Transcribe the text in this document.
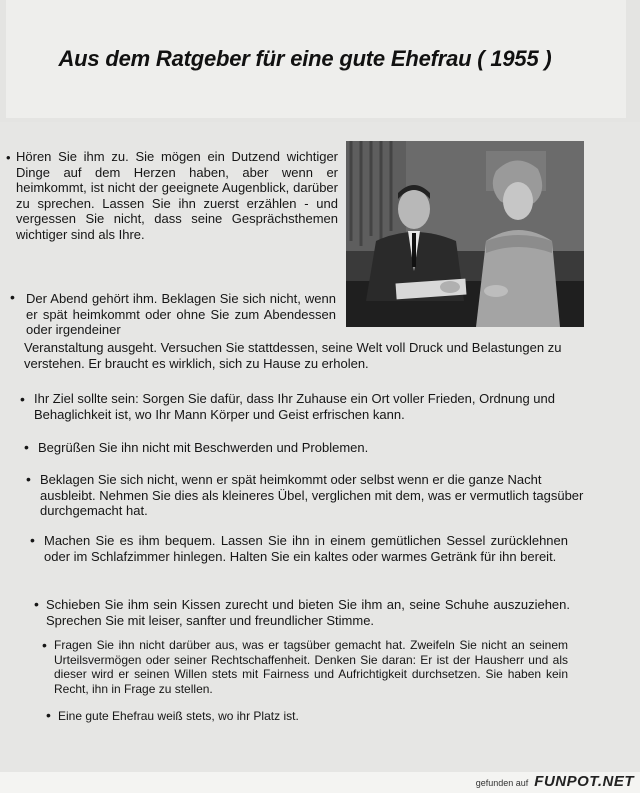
Aus dem Ratgeber für eine gute Ehefrau ( 1955 )
• Hören Sie ihm zu. Sie mögen ein Dutzend wichtiger Dinge auf dem Herzen haben, aber wenn er heimkommt, ist nicht der geeignete Augenblick, darüber zu sprechen. Lassen Sie ihn zuerst erzählen - und vergessen Sie nicht, dass seine Gesprächsthemen wichtiger sind als Ihre.
• Der Abend gehört ihm. Beklagen Sie sich nicht, wenn er spät heimkommt oder ohne Sie zum Abendessen oder irgendeiner
Veranstaltung ausgeht. Versuchen Sie stattdessen, seine Welt voll Druck und Belastungen zu verstehen. Er braucht es wirklich, sich zu Hause zu erholen.
• Ihr Ziel sollte sein: Sorgen Sie dafür, dass Ihr Zuhause ein Ort voller Frieden, Ordnung und Behaglichkeit ist, wo Ihr Mann Körper und Geist erfrischen kann.
• Begrüßen Sie ihn nicht mit Beschwerden und Problemen.
• Beklagen Sie sich nicht, wenn er spät heimkommt oder selbst wenn er die ganze Nacht ausbleibt. Nehmen Sie dies als kleineres Übel, verglichen mit dem, was er vermutlich tagsüber durchgemacht hat.
• Machen Sie es ihm bequem. Lassen Sie ihn in einem gemütlichen Sessel zurücklehnen oder im Schlafzimmer hinlegen. Halten Sie ein kaltes oder warmes Getränk für ihn bereit.
• Schieben Sie ihm sein Kissen zurecht und bieten Sie ihm an, seine Schuhe auszuziehen. Sprechen Sie mit leiser, sanfter und freundlicher Stimme.
• Fragen Sie ihn nicht darüber aus, was er tagsüber gemacht hat. Zweifeln Sie nicht an seinem Urteilsvermögen oder seiner Rechtschaffenheit. Denken Sie daran: Er ist der Hausherr und als dieser wird er seinen Willen stets mit Fairness und Aufrichtigkeit durchsetzen. Sie haben kein Recht, ihn in Frage zu stellen.
• Eine gute Ehefrau weiß stets, wo ihr Platz ist.
gefunden auf FUNPOT.NET
